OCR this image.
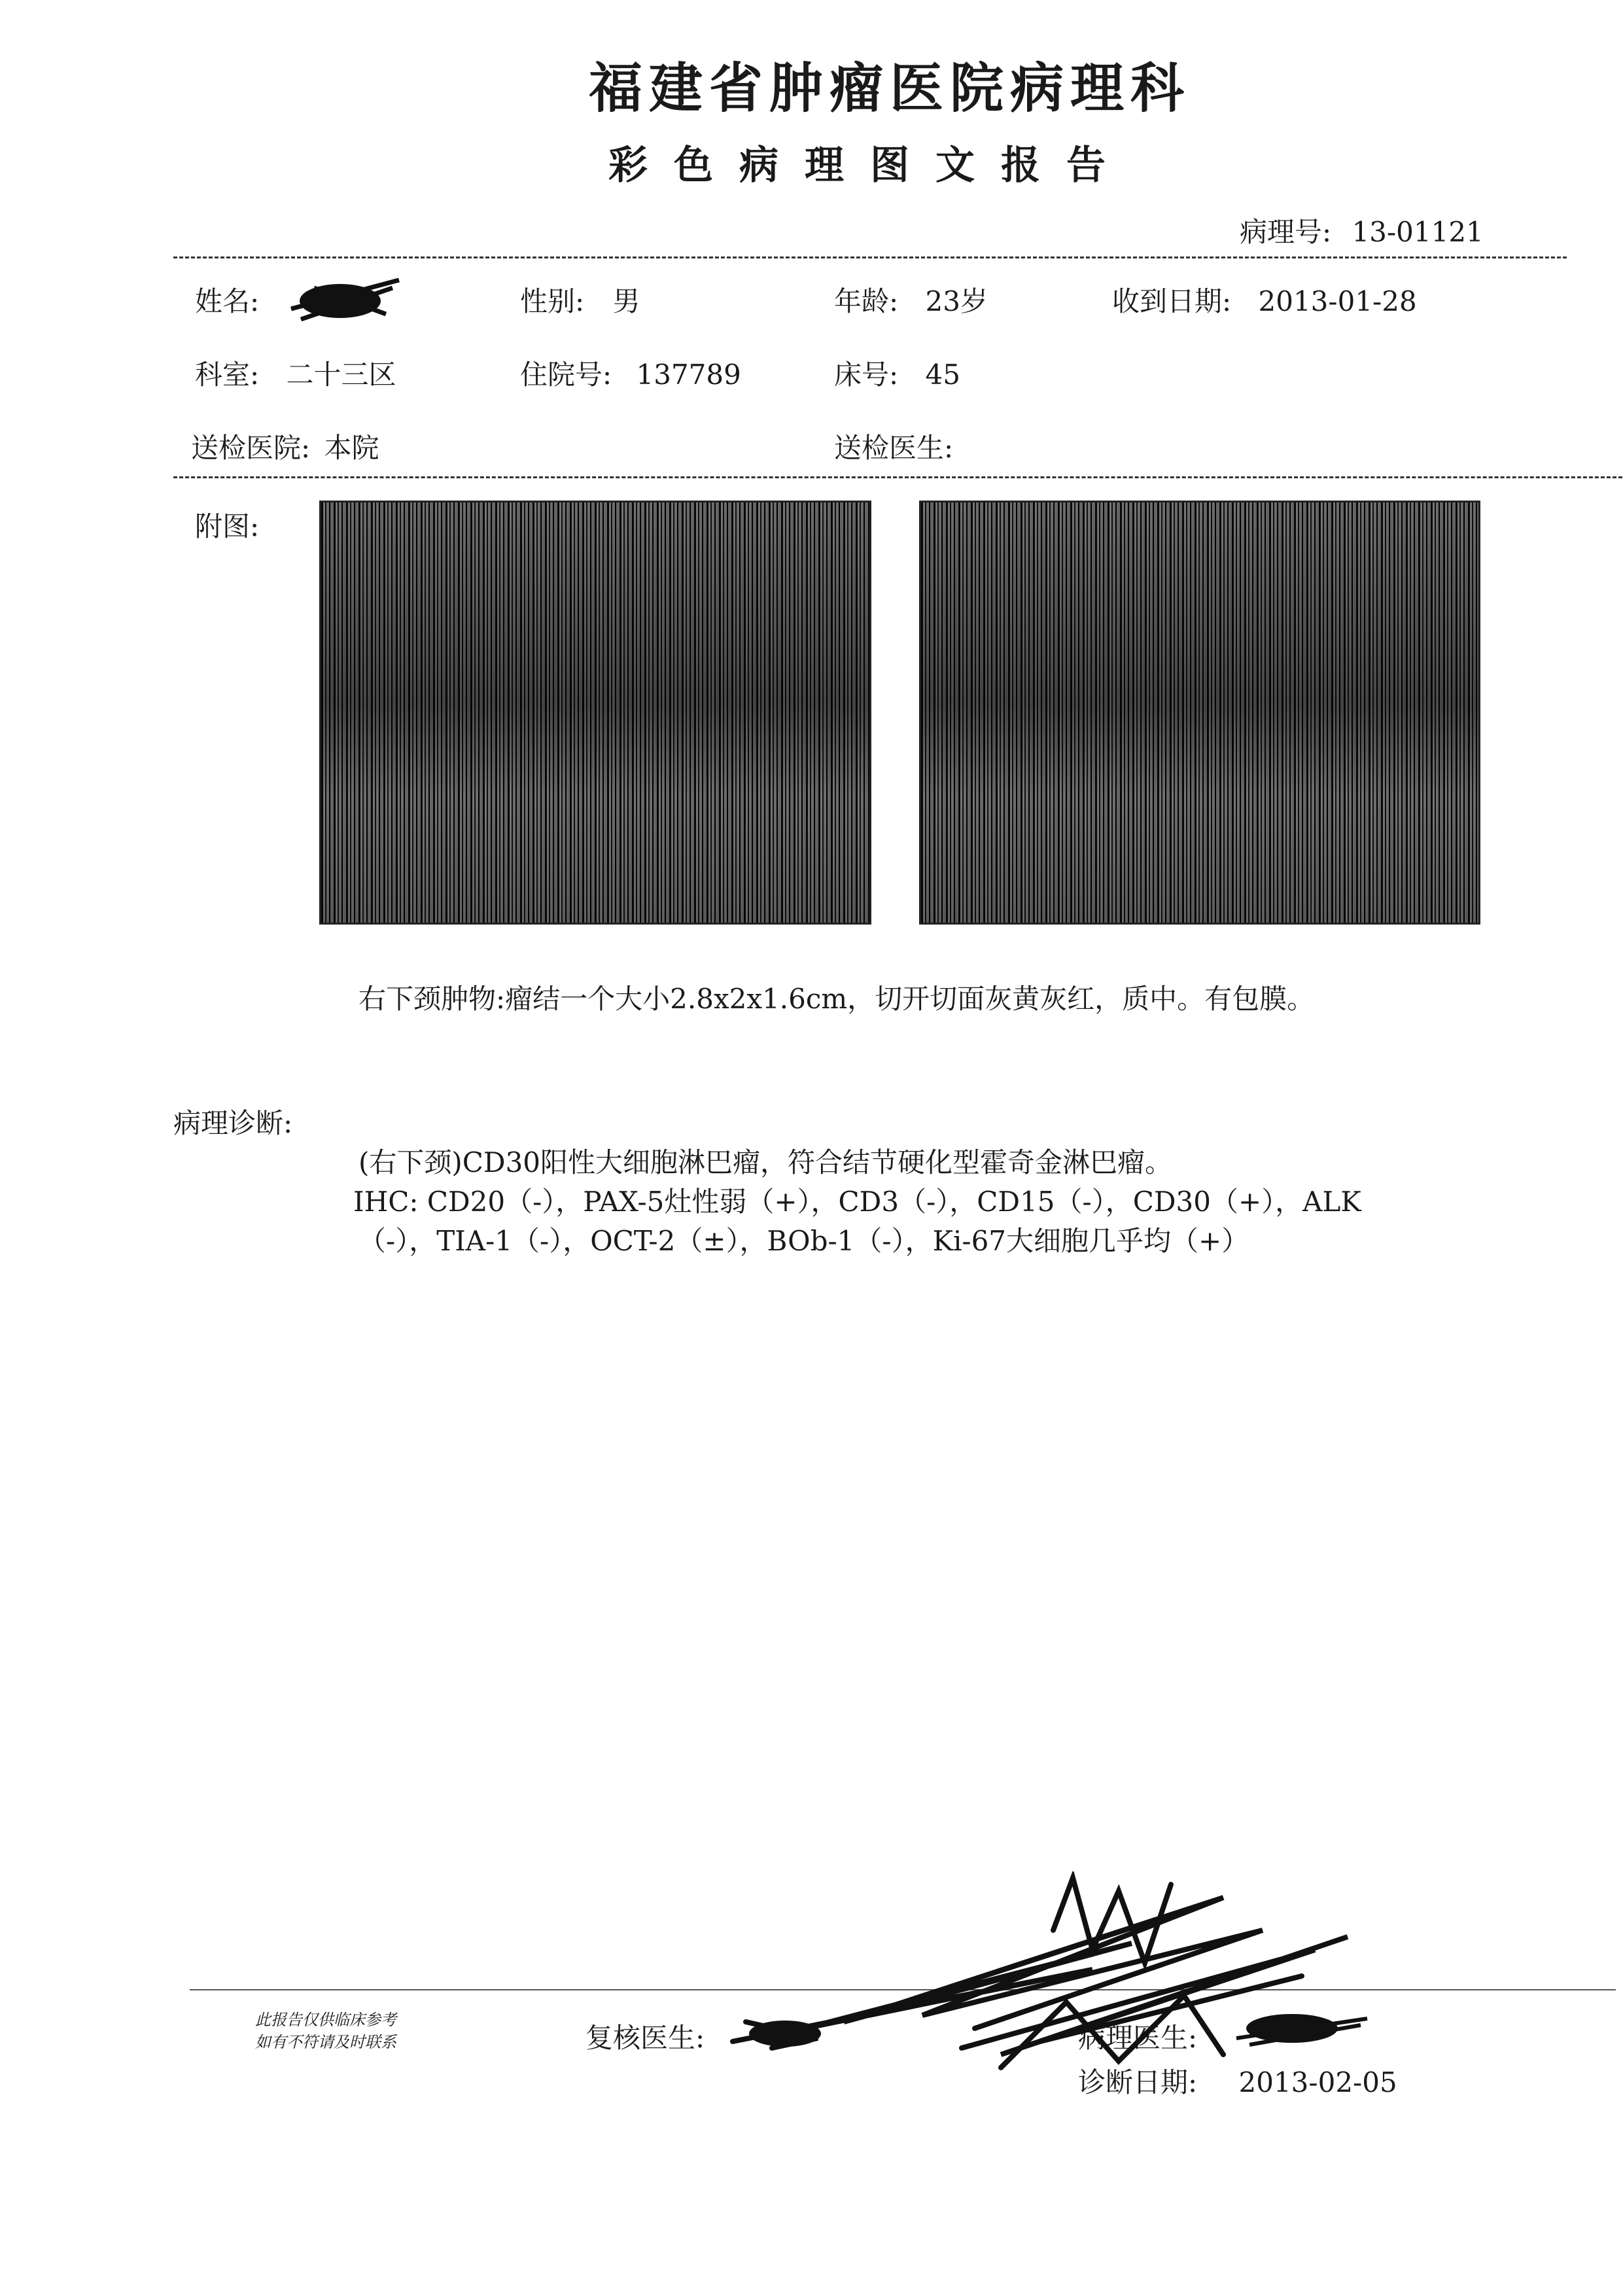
福建省肿瘤医院病理科
彩色病理图文报告
病理号: 13-01121
姓名:	性别: 男	年龄: 23岁	收到日期: 2013-01-28
科室: 二十三区	住院号: 137789	床号: 45
送检医院: 本院	送检医生:
附图:
右下颈肿物:瘤结一个大小2.8x2x1.6cm，切开切面灰黄灰红，质中。有包膜。
病理诊断:
(右下颈)CD30阳性大细胞淋巴瘤，符合结节硬化型霍奇金淋巴瘤。
IHC: CD20（-），PAX-5灶性弱（+），CD3（-），CD15（-），CD30（+），ALK
（-），TIA-1（-），OCT-2（±），BOb-1（-），Ki-67大细胞几乎均（+）
此报告仅供临床参考
如有不符请及时联系	复核医生:	病理医生:
诊断日期: 2013-02-05
